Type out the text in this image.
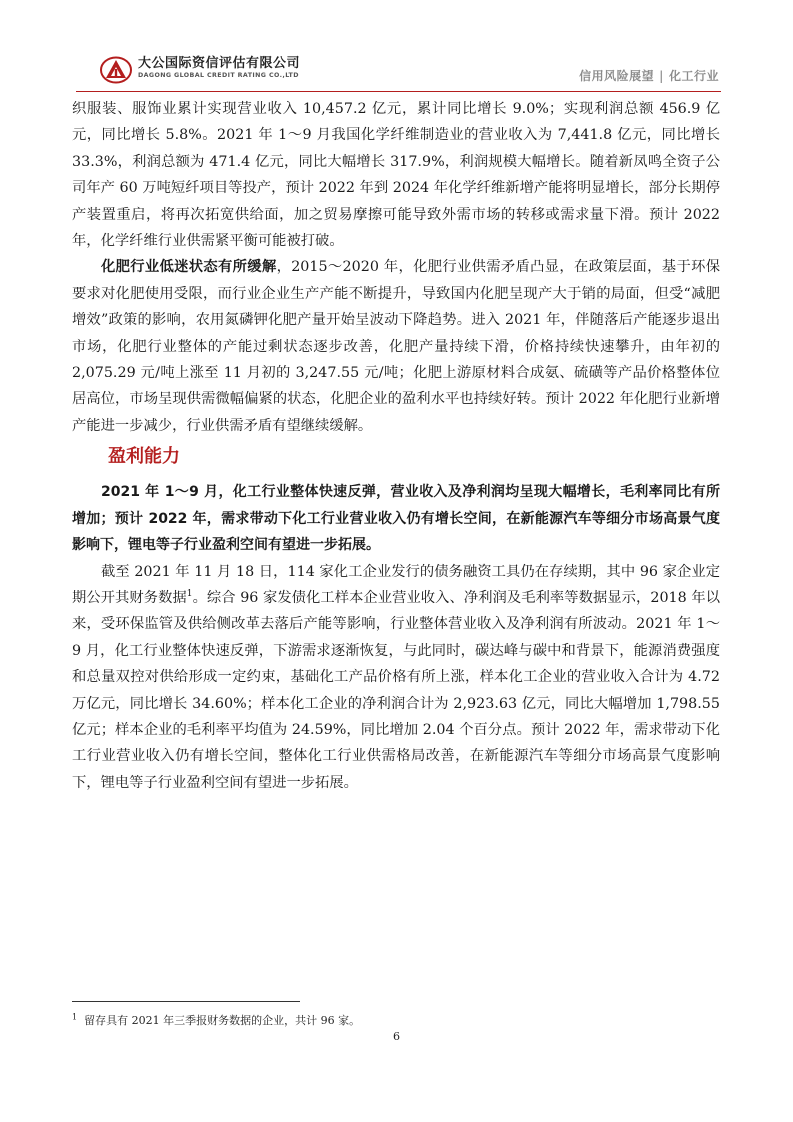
大公国际资信评估有限公司
DAGONG GLOBAL CREDIT RATING CO.,LTD	信用风险展望 | 化工行业

织服装、服饰业累计实现营业收入 10,457.2 亿元，累计同比增长 9.0%；实现利润总额 456.9 亿元，同比增长 5.8%。2021 年 1～9 月我国化学纤维制造业的营业收入为 7,441.8 亿元，同比增长 33.3%，利润总额为 471.4 亿元，同比大幅增长 317.9%，利润规模大幅增长。随着新凤鸣全资子公司年产 60 万吨短纤项目等投产，预计 2022 年到 2024 年化学纤维新增产能将明显增长，部分长期停产装置重启，将再次拓宽供给面，加之贸易摩擦可能导致外需市场的转移或需求量下滑。预计 2022 年，化学纤维行业供需紧平衡可能被打破。

化肥行业低迷状态有所缓解，2015～2020 年，化肥行业供需矛盾凸显，在政策层面，基于环保要求对化肥使用受限，而行业企业生产产能不断提升，导致国内化肥呈现产大于销的局面，但受“减肥增效”政策的影响，农用氮磷钾化肥产量开始呈波动下降趋势。进入 2021 年，伴随落后产能逐步退出市场，化肥行业整体的产能过剩状态逐步改善，化肥产量持续下滑，价格持续快速攀升，由年初的 2,075.29 元/吨上涨至 11 月初的 3,247.55 元/吨；化肥上游原材料合成氨、硫磺等产品价格整体位居高位，市场呈现供需微幅偏紧的状态，化肥企业的盈利水平也持续好转。预计 2022 年化肥行业新增产能进一步减少，行业供需矛盾有望继续缓解。

盈利能力

2021 年 1～9 月，化工行业整体快速反弹，营业收入及净利润均呈现大幅增长，毛利率同比有所增加；预计 2022 年，需求带动下化工行业营业收入仍有增长空间，在新能源汽车等细分市场高景气度影响下，锂电等子行业盈利空间有望进一步拓展。

截至 2021 年 11 月 18 日，114 家化工企业发行的债务融资工具仍在存续期，其中 96 家企业定期公开其财务数据$^1$。综合 96 家发债化工样本企业营业收入、净利润及毛利率等数据显示，2018 年以来，受环保监管及供给侧改革去落后产能等影响，行业整体营业收入及净利润有所波动。2021 年 1～9 月，化工行业整体快速反弹，下游需求逐渐恢复，与此同时，碳达峰与碳中和背景下，能源消费强度和总量双控对供给形成一定约束，基础化工产品价格有所上涨，样本化工企业的营业收入合计为 4.72 万亿元，同比增长 34.60%；样本化工企业的净利润合计为 2,923.63 亿元，同比大幅增加 1,798.55 亿元；样本企业的毛利率平均值为 24.59%，同比增加 2.04 个百分点。预计 2022 年，需求带动下化工行业营业收入仍有增长空间，整体化工行业供需格局改善，在新能源汽车等细分市场高景气度影响下，锂电等子行业盈利空间有望进一步拓展。

$^1$ 留存具有 2021 年三季报财务数据的企业，共计 96 家。
6
